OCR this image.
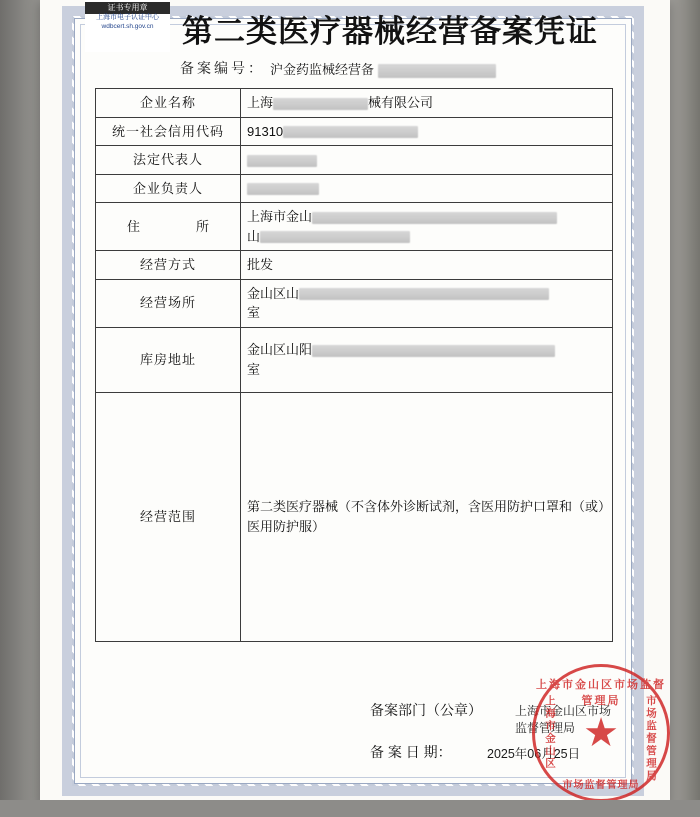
证书专用章
上海市电子认证中心
wdbcert.sh.gov.cn 第二类医疗器械经营备案凭证
备案编号： 沪金药监械经营备
企业名称	上海 械有限公司

统一社会信用代码	91310

法定代表人	

企业负责人	

住　　所	上海市金山
山

经营方式	批发
经营场所	金山区山
室

库房地址	金山区山阳
室

经营范围	第二类医疗器械（不含体外诊断试剂，含医用防护口罩和（或）医用防护服）
备案部门（公章）	上海市金山区市场监督管理局
备 案 日 期：	2025年06月25日
上海市金山区市场监督管理局
上海市金山区	市场监督管理局
★
市场监督管理局
